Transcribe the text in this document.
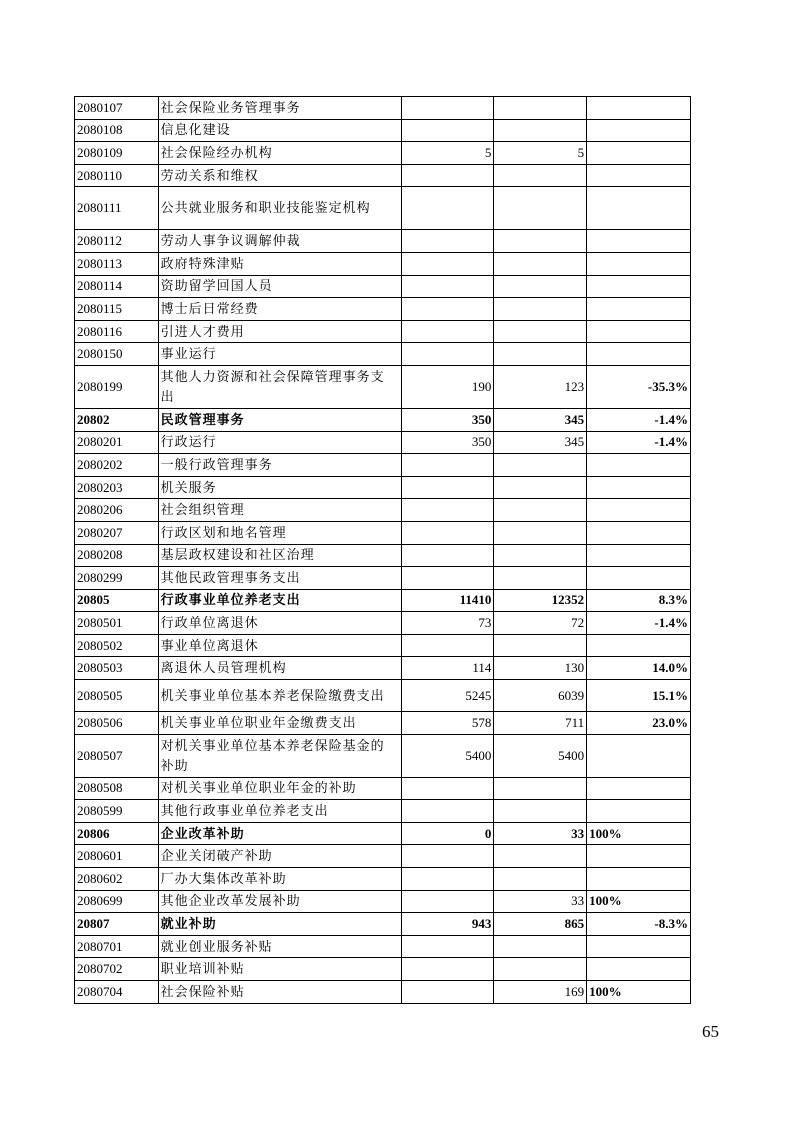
2080107	社会保险业务管理事务			
2080108	信息化建设			
2080109	社会保险经办机构	5	5	
2080110	劳动关系和维权			
2080111	公共就业服务和职业技能鉴定机构			
2080112	劳动人事争议调解仲裁			
2080113	政府特殊津贴			
2080114	资助留学回国人员			
2080115	博士后日常经费			
2080116	引进人才费用			
2080150	事业运行			
2080199	其他人力资源和社会保障管理事务支出	190	123	-35.3%
20802	民政管理事务	350	345	-1.4%
2080201	行政运行	350	345	-1.4%
2080202	一般行政管理事务			
2080203	机关服务			
2080206	社会组织管理			
2080207	行政区划和地名管理			
2080208	基层政权建设和社区治理			
2080299	其他民政管理事务支出			
20805	行政事业单位养老支出	11410	12352	8.3%
2080501	行政单位离退休	73	72	-1.4%
2080502	事业单位离退休			
2080503	离退休人员管理机构	114	130	14.0%
2080505	机关事业单位基本养老保险缴费支出	5245	6039	15.1%
2080506	机关事业单位职业年金缴费支出	578	711	23.0%
2080507	对机关事业单位基本养老保险基金的补助	5400	5400	
2080508	对机关事业单位职业年金的补助			
2080599	其他行政事业单位养老支出			
20806	企业改革补助	0	33	100%
2080601	企业关闭破产补助			
2080602	厂办大集体改革补助			
2080699	其他企业改革发展补助		33	100%
20807	就业补助	943	865	-8.3%
2080701	就业创业服务补贴			
2080702	职业培训补贴			
2080704	社会保险补贴		169	100%
65
